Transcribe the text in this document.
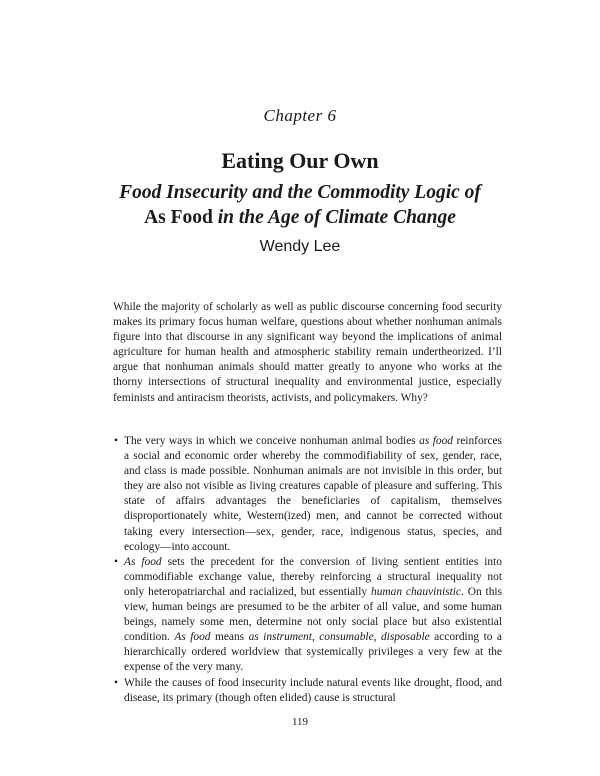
Chapter 6
Eating Our Own
Food Insecurity and the Commodity Logic of
As Food in the Age of Climate Change
Wendy Lee

While the majority of scholarly as well as public discourse concerning food security makes its primary focus human welfare, questions about whether nonhuman animals figure into that discourse in any significant way beyond the implications of animal agriculture for human health and atmospheric stability remain undertheorized. I’ll argue that nonhuman animals should matter greatly to anyone who works at the thorny intersections of structural inequality and environmental justice, especially feminists and antiracism theorists, activists, and policymakers. Why?

• The very ways in which we conceive nonhuman animal bodies as food reinforces a social and economic order whereby the commodifiability of sex, gender, race, and class is made possible. Nonhuman animals are not invisible in this order, but they are also not visible as living creatures capable of pleasure and suffering. This state of affairs advantages the beneficiaries of capitalism, themselves disproportionately white, Western(ized) men, and cannot be corrected without taking every intersection—sex, gender, race, indigenous status, species, and ecology—into account.
• As food sets the precedent for the conversion of living sentient entities into commodifiable exchange value, thereby reinforcing a structural inequality not only heteropatriarchal and racialized, but essentially human chauvinistic. On this view, human beings are presumed to be the arbiter of all value, and some human beings, namely some men, determine not only social place but also existential condition. As food means as instrument, consumable, disposable according to a hierarchically ordered worldview that systemically privileges a very few at the expense of the very many.
• While the causes of food insecurity include natural events like drought, flood, and disease, its primary (though often elided) cause is structural
119
